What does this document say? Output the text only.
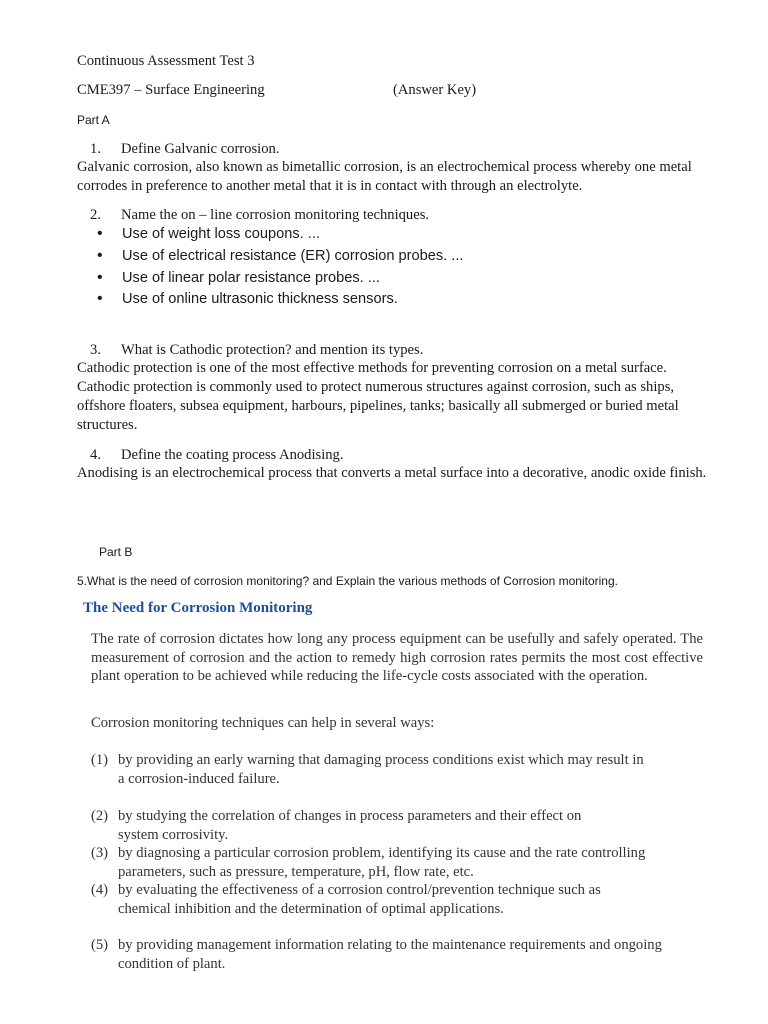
Continuous Assessment Test 3
CME397 – Surface Engineering	(Answer Key)
Part A
1. Define Galvanic corrosion.
Galvanic corrosion, also known as bimetallic corrosion, is an electrochemical process whereby one metal corrodes in preference to another metal that it is in contact with through an electrolyte.
2. Name the on – line corrosion monitoring techniques.
• Use of weight loss coupons. ...
• Use of electrical resistance (ER) corrosion probes. ...
• Use of linear polar resistance probes. ...
• Use of online ultrasonic thickness sensors.
3. What is Cathodic protection? and mention its types.
Cathodic protection is one of the most effective methods for preventing corrosion on a metal surface. Cathodic protection is commonly used to protect numerous structures against corrosion, such as ships, offshore floaters, subsea equipment, harbours, pipelines, tanks; basically all submerged or buried metal structures.
4. Define the coating process Anodising.
Anodising is an electrochemical process that converts a metal surface into a decorative, anodic oxide finish.
Part B
5.What is the need of corrosion monitoring? and Explain the various methods of Corrosion monitoring.
The Need for Corrosion Monitoring
The rate of corrosion dictates how long any process equipment can be usefully and safely operated. The measurement of corrosion and the action to remedy high corrosion rates permits the most cost effective plant operation to be achieved while reducing the life-cycle costs associated with the operation.
Corrosion monitoring techniques can help in several ways:
(1) by providing an early warning that damaging process conditions exist which may result in
a corrosion-induced failure.
(2) by studying the correlation of changes in process parameters and their effect on
system corrosivity.
(3) by diagnosing a particular corrosion problem, identifying its cause and the rate controlling
parameters, such as pressure, temperature, pH, flow rate, etc.
(4) by evaluating the effectiveness of a corrosion control/prevention technique such as
chemical inhibition and the determination of optimal applications.
(5) by providing management information relating to the maintenance requirements and ongoing
condition of plant.
